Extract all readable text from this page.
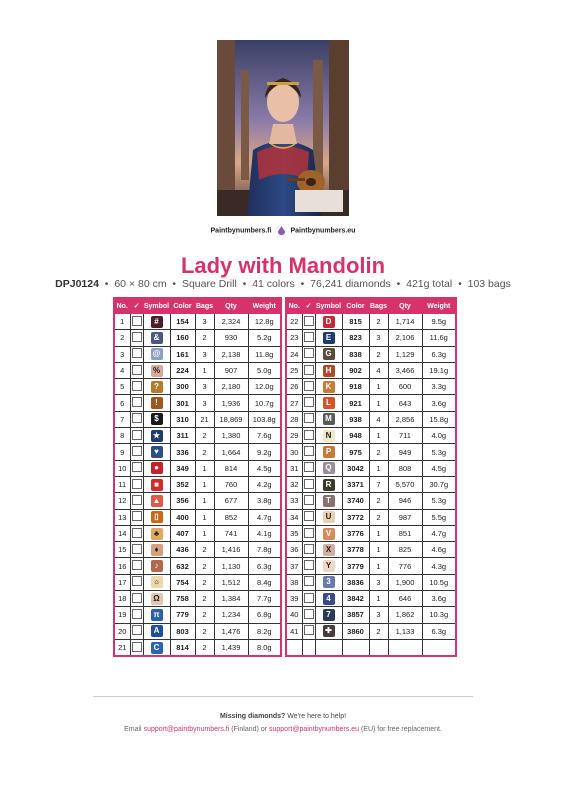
Paintbynumbers.fi	Paintbynumbers.eu
Lady with Mandolin
DPJ0124 • 60 × 80 cm • Square Drill • 41 colors • 76,241 diamonds • 421g total • 103 bags
No.	✓	Symbol	Color	Bags	Qty	Weight
1		#	154	3	2,324	12.8g
2		&	160	2	930	5.2g
3		@	161	3	2,138	11.8g
4		%	224	1	907	5.0g
5		?	300	3	2,180	12.0g
6		!	301	3	1,936	10.7g
7		$	310	21	18,869	103.8g
8		★	311	2	1,380	7.6g
9		♥	336	2	1,664	9.2g
10		●	349	1	814	4.5g
11		■	352	1	760	4.2g
12		▲	356	1	677	3.8g
13		▯	400	1	852	4.7g
14		♣	407	1	741	4.1g
15		♦	436	2	1,416	7.8g
16		♪	632	2	1,130	6.3g
17		☼	754	2	1,512	8.4g
18		Ω	758	2	1,384	7.7g
19		π	779	2	1,234	6.8g
20		A	803	2	1,476	8.2g
21		C	814	2	1,439	8.0g
No.	✓	Symbol	Color	Bags	Qty	Weight
22		D	815	2	1,714	9.5g
23		E	823	3	2,106	11.6g
24		G	838	2	1,129	6.3g
25		H	902	4	3,466	19.1g
26		K	918	1	600	3.3g
27		L	921	1	643	3.6g
28		M	938	4	2,856	15.8g
29		N	948	1	711	4.0g
30		P	975	2	949	5.3g
31		Q	3042	1	808	4.5g
32		R	3371	7	5,570	30.7g
33		T	3740	2	946	5.3g
34		U	3772	2	987	5.5g
35		V	3776	1	851	4.7g
36		X	3778	1	825	4.6g
37		Y	3779	1	776	4.3g
38		3	3836	3	1,900	10.5g
39		4	3842	1	646	3.6g
40		7	3857	3	1,862	10.3g
41		✚	3860	2	1,133	6.3g

Missing diamonds? We're here to help!
Email support@paintbynumbers.fi (Finland) or support@paintbynumbers.eu (EU) for free replacement.
